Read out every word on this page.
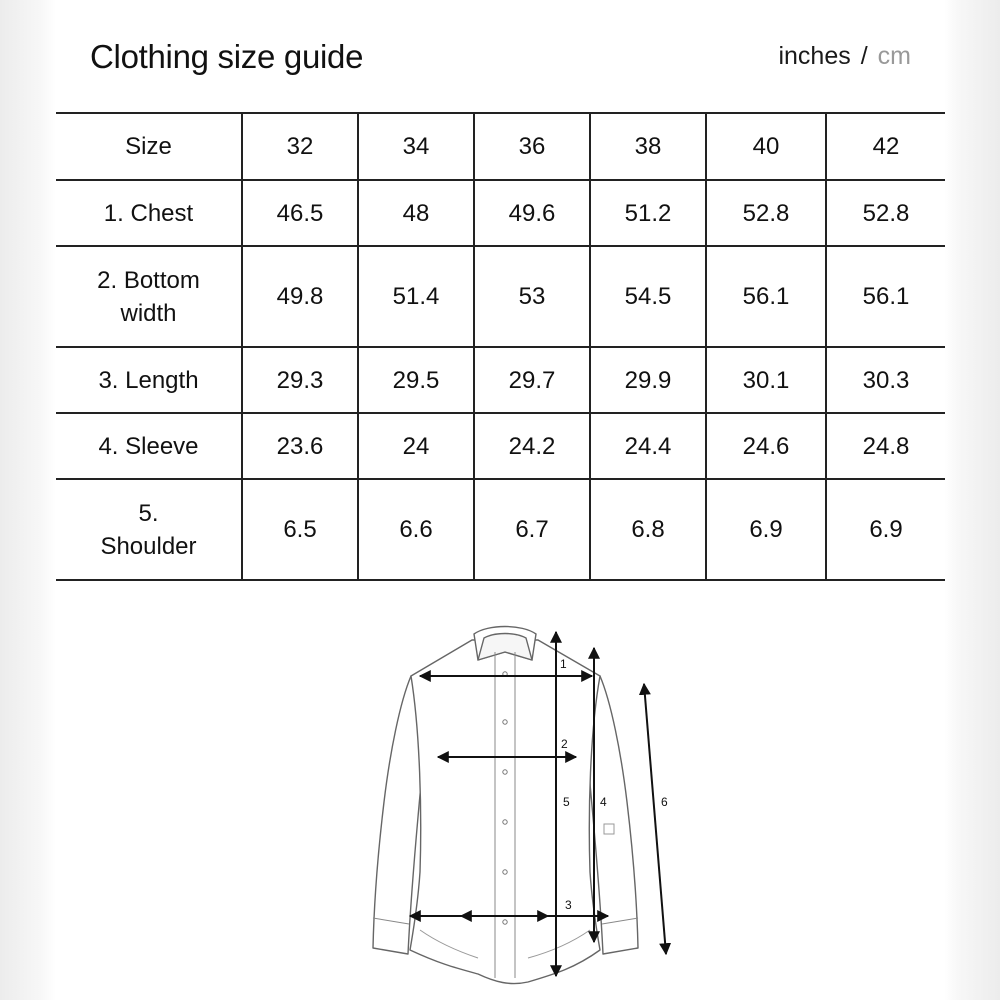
Clothing size guide	inches / cm
Size	32	34	36	38	40	42
1. Chest	46.5	48	49.6	51.2	52.8	52.8
2. Bottom width	49.8	51.4	53	54.5	56.1	56.1
3. Length	29.3	29.5	29.7	29.9	30.1	30.3
4. Sleeve	23.6	24	24.2	24.4	24.6	24.8
5. Shoulder	6.5	6.6	6.7	6.8	6.9	6.9
1
2
3
4
5	6
